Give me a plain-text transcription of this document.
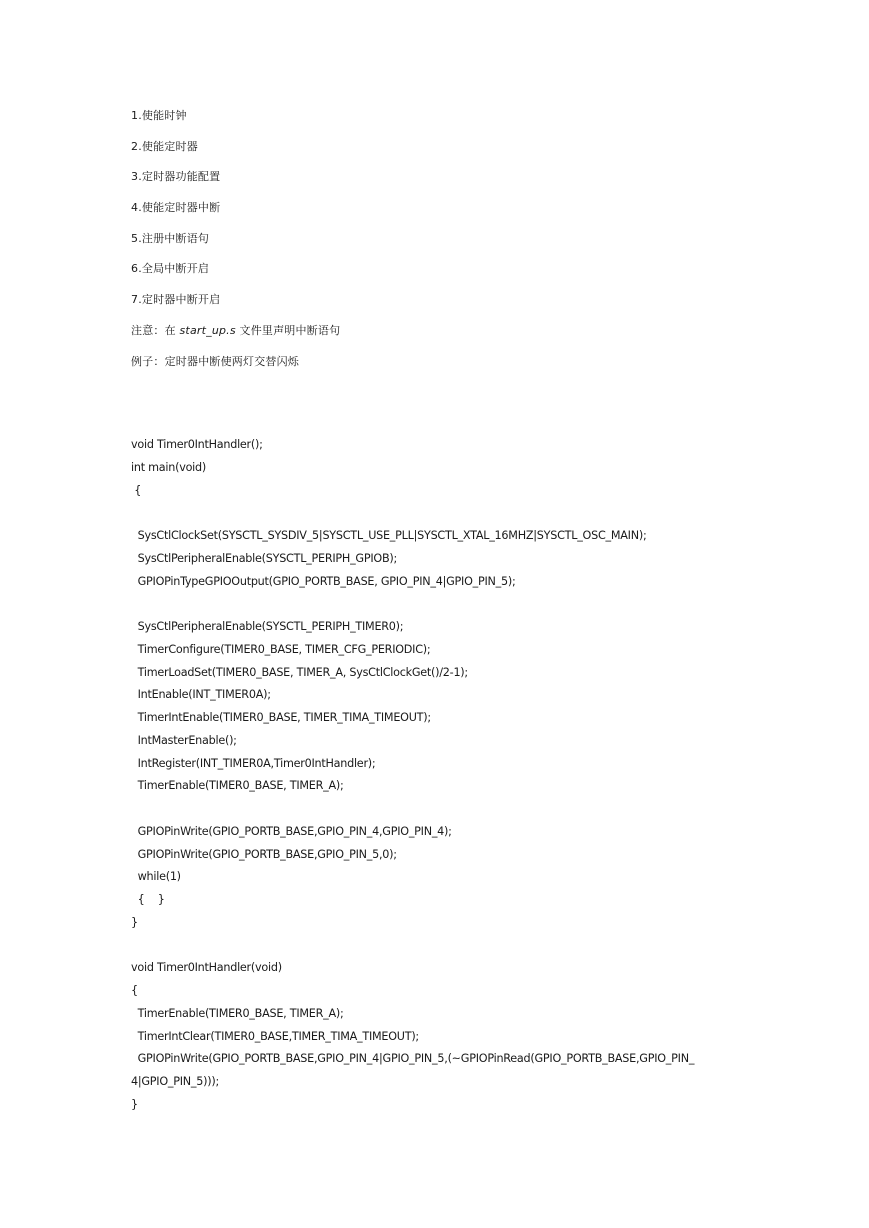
1.使能时钟
2.使能定时器
3.定时器功能配置
4.使能定时器中断
5.注册中断语句
6.全局中断开启
7.定时器中断开启
注意：在 start_up.s 文件里声明中断语句
例子：定时器中断使两灯交替闪烁
void Timer0IntHandler();
int main(void)
{
SysCtlClockSet(SYSCTL_SYSDIV_5|SYSCTL_USE_PLL|SYSCTL_XTAL_16MHZ|SYSCTL_OSC_MAIN);
SysCtlPeripheralEnable(SYSCTL_PERIPH_GPIOB);
GPIOPinTypeGPIOOutput(GPIO_PORTB_BASE, GPIO_PIN_4|GPIO_PIN_5);
SysCtlPeripheralEnable(SYSCTL_PERIPH_TIMER0);
TimerConfigure(TIMER0_BASE, TIMER_CFG_PERIODIC);
TimerLoadSet(TIMER0_BASE, TIMER_A, SysCtlClockGet()/2-1);
IntEnable(INT_TIMER0A);
TimerIntEnable(TIMER0_BASE, TIMER_TIMA_TIMEOUT);
IntMasterEnable();
IntRegister(INT_TIMER0A,Timer0IntHandler);
TimerEnable(TIMER0_BASE, TIMER_A);
GPIOPinWrite(GPIO_PORTB_BASE,GPIO_PIN_4,GPIO_PIN_4);
GPIOPinWrite(GPIO_PORTB_BASE,GPIO_PIN_5,0);
while(1)
{    }
}
void Timer0IntHandler(void)
{
TimerEnable(TIMER0_BASE, TIMER_A);
TimerIntClear(TIMER0_BASE,TIMER_TIMA_TIMEOUT);
GPIOPinWrite(GPIO_PORTB_BASE,GPIO_PIN_4|GPIO_PIN_5,(~GPIOPinRead(GPIO_PORTB_BASE,GPIO_PIN_
4|GPIO_PIN_5)));
}
